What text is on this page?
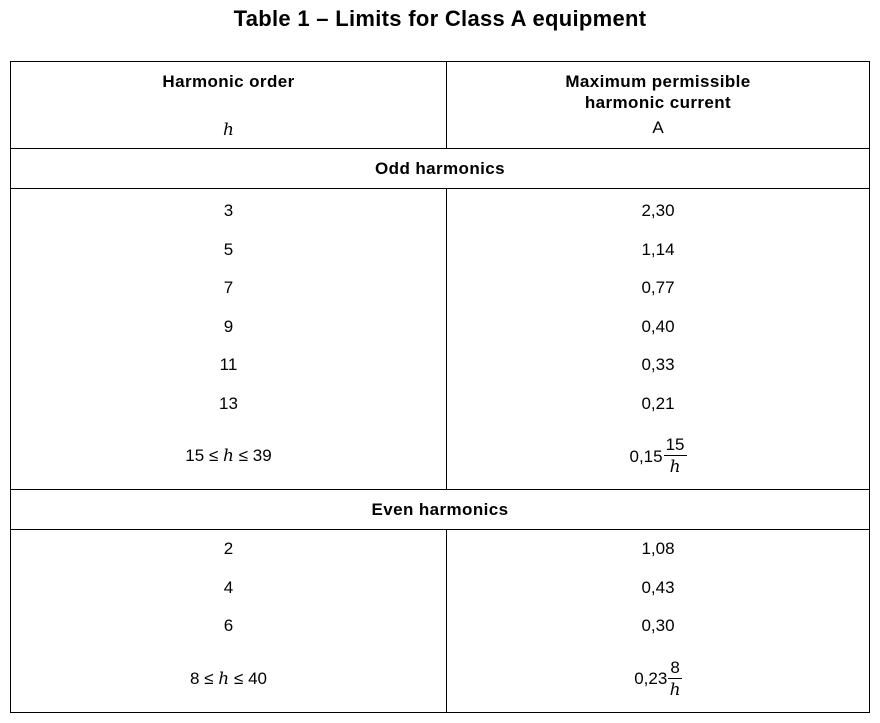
Table 1 – Limits for Class A equipment
Harmonic order
h
Maximum permissible
harmonic current
A
Odd harmonics
3
5
7
9
11
13
15 ≤ h ≤ 39
2,30
1,14
0,77
0,40
0,33
0,21
$0,15 \frac{15}{h}$
Even harmonics
2
4
6
8 ≤ h ≤ 40
1,08
0,43
0,30
$0,23 \frac{8}{h}$
